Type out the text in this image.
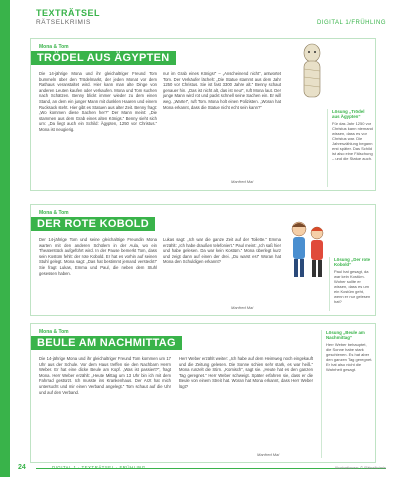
TEXTRÄTSEL
RÄTSELKRIMIS	DIGITAL 1/FRÜHLING
Mona & Tom
TRÖDEL AUS ÄGYPTEN
Die 14-jährige Mona und ihr gleichaltriger Freund Tom bummeln über den Trödelmarkt, der jeden Monat vor dem Rathaus veranstaltet wird. Hier kann man alte Dinge von anderen Leuten kaufen oder verkaufen. Mona und Tom suchen nach Schätzen. Benny blickt immer wieder zu dem einen Stand, an dem ein junger Mann mit dunklen Haaren und einem Rucksack steht. Hier gibt es Statuen aus alter Zeit. Benny fragt: „Wo kommen diese Sachen her?“ Der Mann meint: „Die stammen aus dem Grab eines alten Königs.“ Benny sieht sich um: „Da liegt auch ein Schild: Ägypten, 1250 vor Christus.“ Mona ist neugierig.
nur im Grab eines Königs!“ – „Anscheinend nicht“, antwortet Tom. Der Verkäufer lächelt: „Die Statue stammt aus dem Jahr 1250 vor Christus. Sie ist fast 3300 Jahre alt.“ Benny schaut genauer hin. „Das ist nicht alt, das ist neu!“, ruft Mona laut. Der junge Mann wird rot und packt schnell seine Sachen ein. Er will weg. „Warte!“, ruft Tom. Mona holt einen Polizisten. „Woran hat Mona erkannt, dass die Statue nicht echt sein kann?“
Manfred Mai
Lösung „Trödel aus Ägypten“
Für das Jahr 1250 vor Christus kann niemand wissen, dass es vor Christus war. Die Jahreszählung begann erst später. Das Schild ist also eine Fälschung – und die Statue auch.
Mona & Tom
DER ROTE KOBOLD
Der 14-jährige Tom und seine gleichaltrige Freundin Mona warten mit den anderen Schülern in der Aula, wo ein Theaterstück aufgeführt wird. In der Pause bemerkt Tom, dass sein Kostüm fehlt: der rote Kobold. Er hat es vorhin auf seinen Stuhl gelegt. Mona sagt: „Das hat bestimmt jemand versteckt!“ Sie fragt Lukas, Emma und Paul, die neben dem Stuhl gesessen haben.
Lukas sagt: „Ich war die ganze Zeit auf der Toilette.“ Emma erzählt: „Ich habe draußen telefoniert.“ Paul meint: „Ich saß hier und habe gelesen. Da war kein Kostüm.“ Mona überlegt kurz und zeigt dann auf einen der drei. „Du warst es!“ Woran hat Mona den Schuldigen erkannt?
Manfred Mai
Lösung „Der rote Kobold“
Paul hat gesagt, da war kein Kostüm. Woher sollte er wissen, dass es um ein Kostüm geht, wenn er nur gelesen hat?
Mona & Tom
BEULE AM NACHMITTAG
Die 14-jährige Mona und ihr gleichaltriger Freund Tom kommen um 17 Uhr aus der Schule. Vor dem Haus treffen sie den Nachbarn Herrn Weber. Er hat eine dicke Beule am Kopf. „Was ist passiert?“, fragt Mona. Herr Weber erzählt: „Heute Mittag um 13 Uhr bin ich mit dem Fahrrad gestürzt. Ich musste ins Krankenhaus. Der Arzt hat mich untersucht und mir einen Verband angelegt.“ Tom schaut auf die Uhr und auf den Verband.
Herr Weber erzählt weiter: „Ich habe auf dem Heimweg noch eingekauft und die Zeitung gelesen. Die Sonne schien sehr stark, es war heiß.“ Mona runzelt die Stirn. „Komisch“, sagt sie. „Heute hat es den ganzen Tag geregnet.“ Herr Weber schweigt. Später erfahren sie, dass er die Beule von einem Streit hat. Woran hat Mona erkannt, dass Herr Weber lügt?
Manfred Mai
Lösung „Beule am Nachmittag“
Herr Weber behauptet, die Sonne habe stark geschienen. Es hat aber den ganzen Tag geregnet. Er hat also nicht die Wahrheit gesagt.
24	DIGITAL 1 · TEXTRÄTSEL · FRÜHLING	Illustrationen: © Rätselkrimis
